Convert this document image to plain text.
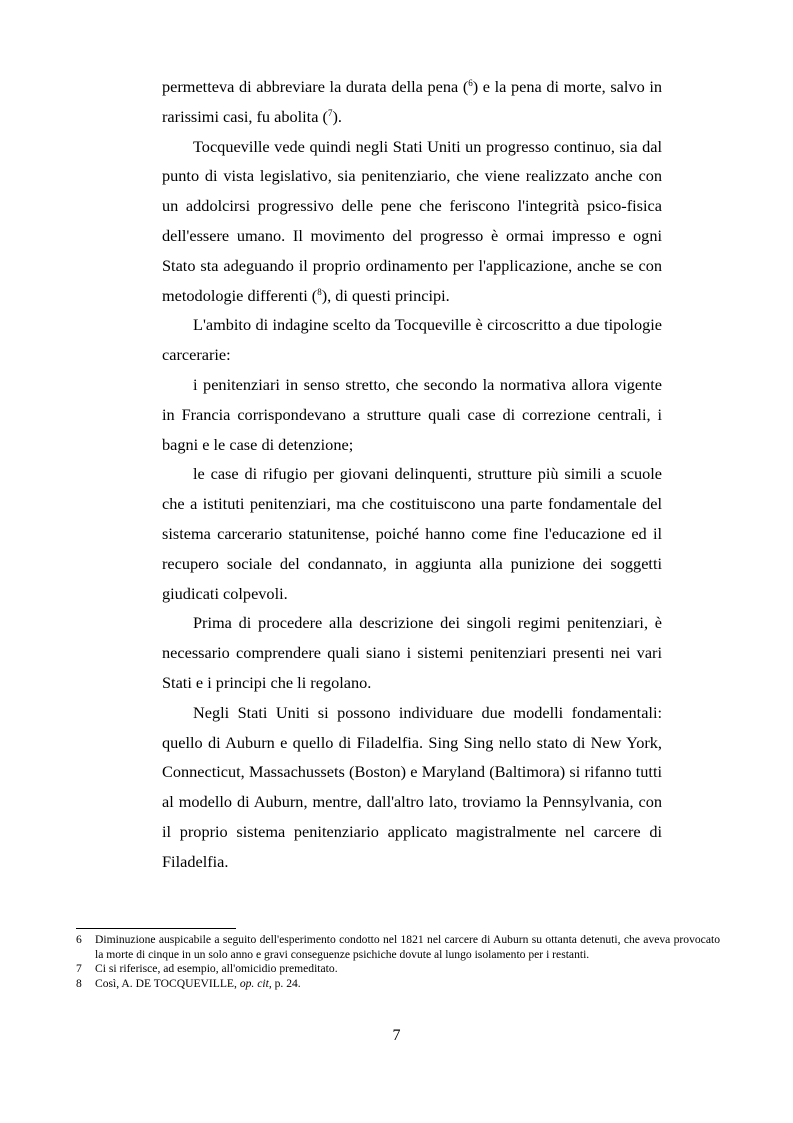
permetteva di abbreviare la durata della pena ($^6$) e la pena di morte, salvo in rarissimi casi, fu abolita ($^7$).

Tocqueville vede quindi negli Stati Uniti un progresso continuo, sia dal punto di vista legislativo, sia penitenziario, che viene realizzato anche con un addolcirsi progressivo delle pene che feriscono l'integrità psico-fisica dell'essere umano. Il movimento del progresso è ormai impresso e ogni Stato sta adeguando il proprio ordinamento per l'applicazione, anche se con metodologie differenti ($^8$), di questi principi.

L'ambito di indagine scelto da Tocqueville è circoscritto a due tipologie carcerarie:

i penitenziari in senso stretto, che secondo la normativa allora vigente in Francia corrispondevano a strutture quali case di correzione centrali, i bagni e le case di detenzione;

le case di rifugio per giovani delinquenti, strutture più simili a scuole che a istituti penitenziari, ma che costituiscono una parte fondamentale del sistema carcerario statunitense, poiché hanno come fine l'educazione ed il recupero sociale del condannato, in aggiunta alla punizione dei soggetti giudicati colpevoli.

Prima di procedere alla descrizione dei singoli regimi penitenziari, è necessario comprendere quali siano i sistemi penitenziari presenti nei vari Stati e i principi che li regolano.

Negli Stati Uniti si possono individuare due modelli fondamentali: quello di Auburn e quello di Filadelfia. Sing Sing nello stato di New York, Connecticut, Massachussets (Boston) e Maryland (Baltimora) si rifanno tutti al modello di Auburn, mentre, dall'altro lato, troviamo la Pennsylvania, con il proprio sistema penitenziario applicato magistralmente nel carcere di Filadelfia.

6	Diminuzione auspicabile a seguito dell'esperimento condotto nel 1821 nel carcere di Auburn su ottanta detenuti, che aveva provocato la morte di cinque in un solo anno e gravi conseguenze psichiche dovute al lungo isolamento per i restanti.
7	Ci si riferisce, ad esempio, all'omicidio premeditato.
8	Così, A. DE TOCQUEVILLE, op. cit, p. 24.
7
